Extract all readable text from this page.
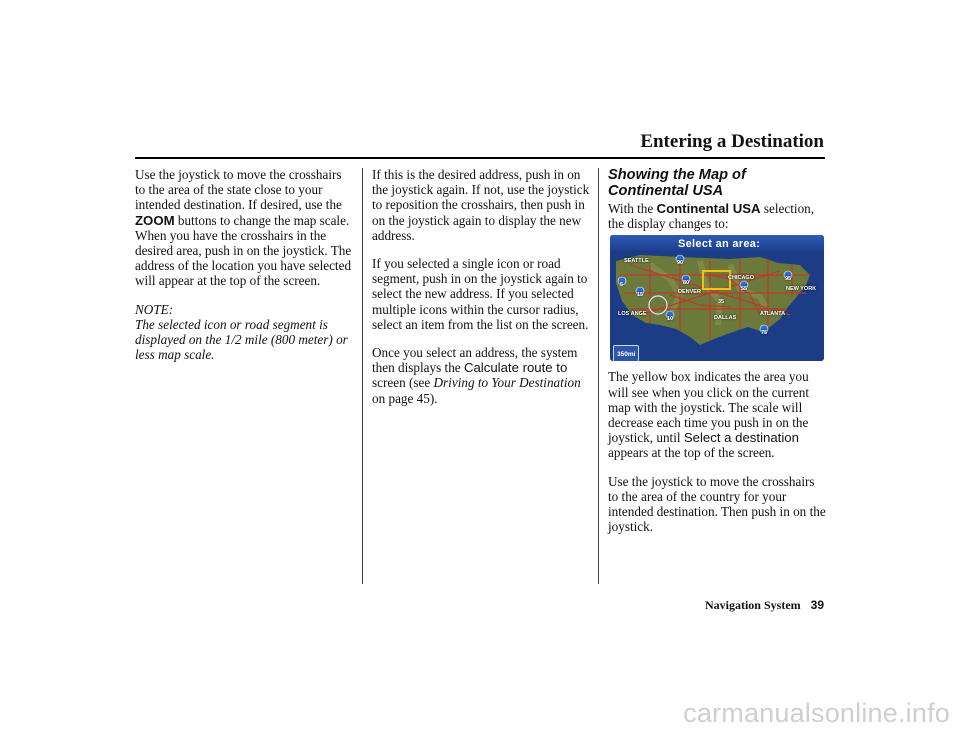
Entering a Destination

Use the joystick to move the crosshairs to the area of the state close to your intended destination. If desired, use the ZOOM buttons to change the map scale. When you have the crosshairs in the desired area, push in on the joystick. The address of the location you have selected will appear at the top of the screen.

NOTE:
The selected icon or road segment is displayed on the 1/2 mile (800 meter) or less map scale.

If this is the desired address, push in on the joystick again. If not, use the joystick to reposition the crosshairs, then push in on the joystick again to display the new address.

If you selected a single icon or road segment, push in on the joystick again to select the new address. If you selected multiple icons within the cursor radius, select an item from the list on the screen.

Once you select an address, the system then displays the Calculate route to
screen (see Driving to Your Destination on page 45).

Showing the Map of Continental USA

With the Continental USA selection, the display changes to:

Select an area:
SEATTLE
DENVER
CHICAGO
NEW YORK
LOS ANGE
DALLAS
ATLANTA
90
80
5
15
10
95
75
55
35
350mi

The yellow box indicates the area you will see when you click on the current map with the joystick. The scale will decrease each time you push in on the joystick, until Select a destination appears at the top of the screen.

Use the joystick to move the crosshairs to the area of the country for your intended destination. Then push in on the joystick.

Navigation System 39
carmanualsonline.info
